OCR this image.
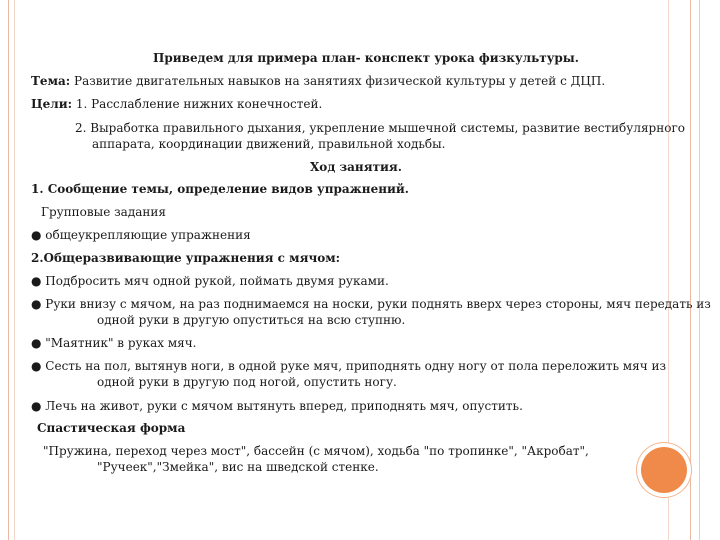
Приведем для примера план- конспект урока физкультуры.
Тема: Развитие двигательных навыков на занятиях физической культуры у детей с ДЦП.
Цели: 1. Расслабление нижних конечностей.
2. Выработка правильного дыхания, укрепление мышечной системы, развитие вестибулярного
аппарата, координации движений, правильной ходьбы.
Ход занятия.
1. Сообщение темы, определение видов упражнений.
Групповые задания
● общеукрепляющие упражнения
2.Общеразвивающие упражнения с мячом:
● Подбросить мяч одной рукой, поймать двумя руками.
● Руки внизу с мячом, на раз поднимаемся на носки, руки поднять вверх через стороны, мяч передать из
одной руки в другую опуститься на всю ступню.
● "Маятник" в руках мяч.
● Сесть на пол, вытянув ноги, в одной руке мяч, приподнять одну ногу от пола переложить мяч из
одной руки в другую под ногой, опустить ногу.
● Лечь на живот, руки с мячом вытянуть вперед, приподнять мяч, опустить.
Спастическая форма
"Пружина, переход через мост", бассейн (с мячом), ходьба "по тропинке", "Акробат",
"Ручеек","Змейка", вис на шведской стенке.
